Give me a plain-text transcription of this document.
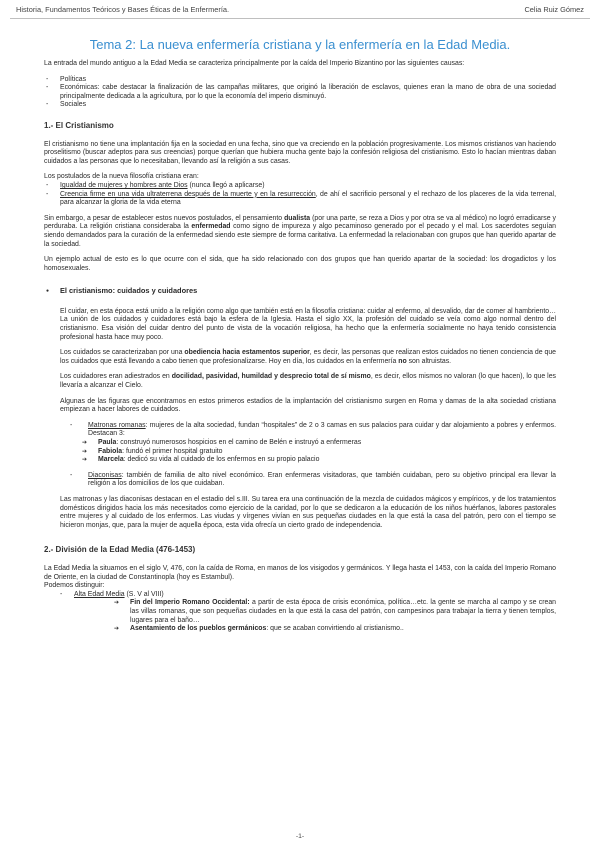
Historia, Fundamentos Teóricos y Bases Éticas de la Enfermería.	Celia Ruiz Gómez
Tema 2: La nueva enfermería cristiana y la enfermería en la Edad Media.

La entrada del mundo antiguo a la Edad Media se caracteriza principalmente por la caída del Imperio Bizantino por las siguientes causas:

- Políticas
- Económicas: cabe destacar la finalización de las campañas militares, que originó la liberación de esclavos, quienes eran la mano de obra de una sociedad principalmente dedicada a la agricultura, por lo que la economía del imperio disminuyó.
- Sociales
1.- El Cristianismo

El cristianismo no tiene una implantación fija en la sociedad en una fecha, sino que va creciendo en la población progresivamente. Los mismos cristianos van haciendo proselitismo (buscar adeptos para sus creencias) porque querían que hubiera mucha gente bajo la confesión religiosa del cristianismo. Esto lo hacían mientras daban cuidados a las personas que lo necesitaban, llevando así la religión a sus casas.

Los postulados de la nueva filosofía cristiana eran:

- Igualdad de mujeres y hombres ante Dios (nunca llegó a aplicarse)
- Creencia firme en una vida ultraterrena después de la muerte y en la resurrección, de ahí el sacrificio personal y el rechazo de los placeres de la vida terrenal, para alcanzar la gloria de la vida eterna

Sin embargo, a pesar de establecer estos nuevos postulados, el pensamiento dualista (por una parte, se reza a Dios y por otra se va al médico) no logró erradicarse y perduraba. La religión cristiana consideraba la enfermedad como signo de impureza y algo pecaminoso generado por el pecado y el mal. Los sacerdotes seguían siendo demandados para la curación de la enfermedad siendo este siempre de forma caritativa. La enfermedad la relacionaban con grupos que han querido apartar de la sociedad.

Un ejemplo actual de esto es lo que ocurre con el sida, que ha sido relacionado con dos grupos que han querido apartar de la sociedad: los drogadictos y los homosexuales.

● El cristianismo: cuidados y cuidadores

El cuidar, en esta época está unido a la religión como algo que también está en la filosofía cristiana: cuidar al enfermo, al desvalido, dar de comer al hambriento… La unión de los cuidados y cuidadores está bajo la esfera de la Iglesia. Hasta el siglo XX, la profesión del cuidado se veía como algo normal dentro del cristianismo. Esa visión del cuidar dentro del punto de vista de la vocación religiosa, ha hecho que la enfermería socialmente no haya tenido consistencia profesional hasta hace muy poco.

Los cuidados se caracterizaban por una obediencia hacia estamentos superior, es decir, las personas que realizan estos cuidados no tienen conciencia de que los cuidados que está llevando a cabo tienen que profesionalizarse. Hoy en día, los cuidados en la enfermería no son altruistas.

Los cuidadores eran adiestrados en docilidad, pasividad, humildad y desprecio total de sí mismo, es decir, ellos mismos no valoran (lo que hacen), lo que les llevaría a alcanzar el Cielo.

Algunas de las figuras que encontramos en estos primeros estadios de la implantación del cristianismo surgen en Roma y damas de la alta sociedad cristiana empiezan a hacer labores de cuidados.

- Matronas romanas: mujeres de la alta sociedad, fundan “hospitales” de 2 o 3 camas en sus palacios para cuidar y dar alojamiento a pobres y enfermos. Destacan 3:
➔ Paula: construyó numerosos hospicios en el camino de Belén e instruyó a enfermeras
➔ Fabiola: fundó el primer hospital gratuito
➔ Marcela: dedicó su vida al cuidado de los enfermos en su propio palacio
- Diaconisas: también de familia de alto nivel económico. Eran enfermeras visitadoras, que también cuidaban, pero su objetivo principal era llevar la religión a los domicilios de los que cuidaban.

Las matronas y las diaconisas destacan en el estadio del s.III. Su tarea era una continuación de la mezcla de cuidados mágicos y empíricos, y de los tratamientos domésticos dirigidos hacia los más necesitados como ejercicio de la caridad, por lo que se dedicaron a la educación de los niños huérfanos, labores pastorales entre mujeres y al cuidado de los enfermos. Las viudas y vírgenes vivían en sus pequeñas ciudades en la que está la casa del patrón, pero con el tiempo se hicieron monjas, que, para la mujer de aquella época, esta vida ofrecía un cierto grado de independencia.

2.- División de la Edad Media (476-1453)

La Edad Media la situamos en el siglo V, 476, con la caída de Roma, en manos de los visigodos y germánicos. Y llega hasta el 1453, con la caída del Imperio Romano de Oriente, en la ciudad de Constantinopla (hoy es Estambul).

Podemos distinguir:

- Alta Edad Media (S. V al VIII)
➔ Fin del Imperio Romano Occidental: a partir de esta época de crisis económica, política…etc. la gente se marcha al campo y se crean las villas romanas, que son pequeñas ciudades en la que está la casa del patrón, con campesinos para trabajar la tierra y tienen templos, lugares para el baño…
➔ Asentamiento de los pueblos germánicos: que se acaban convirtiendo al cristianismo..
-1-
